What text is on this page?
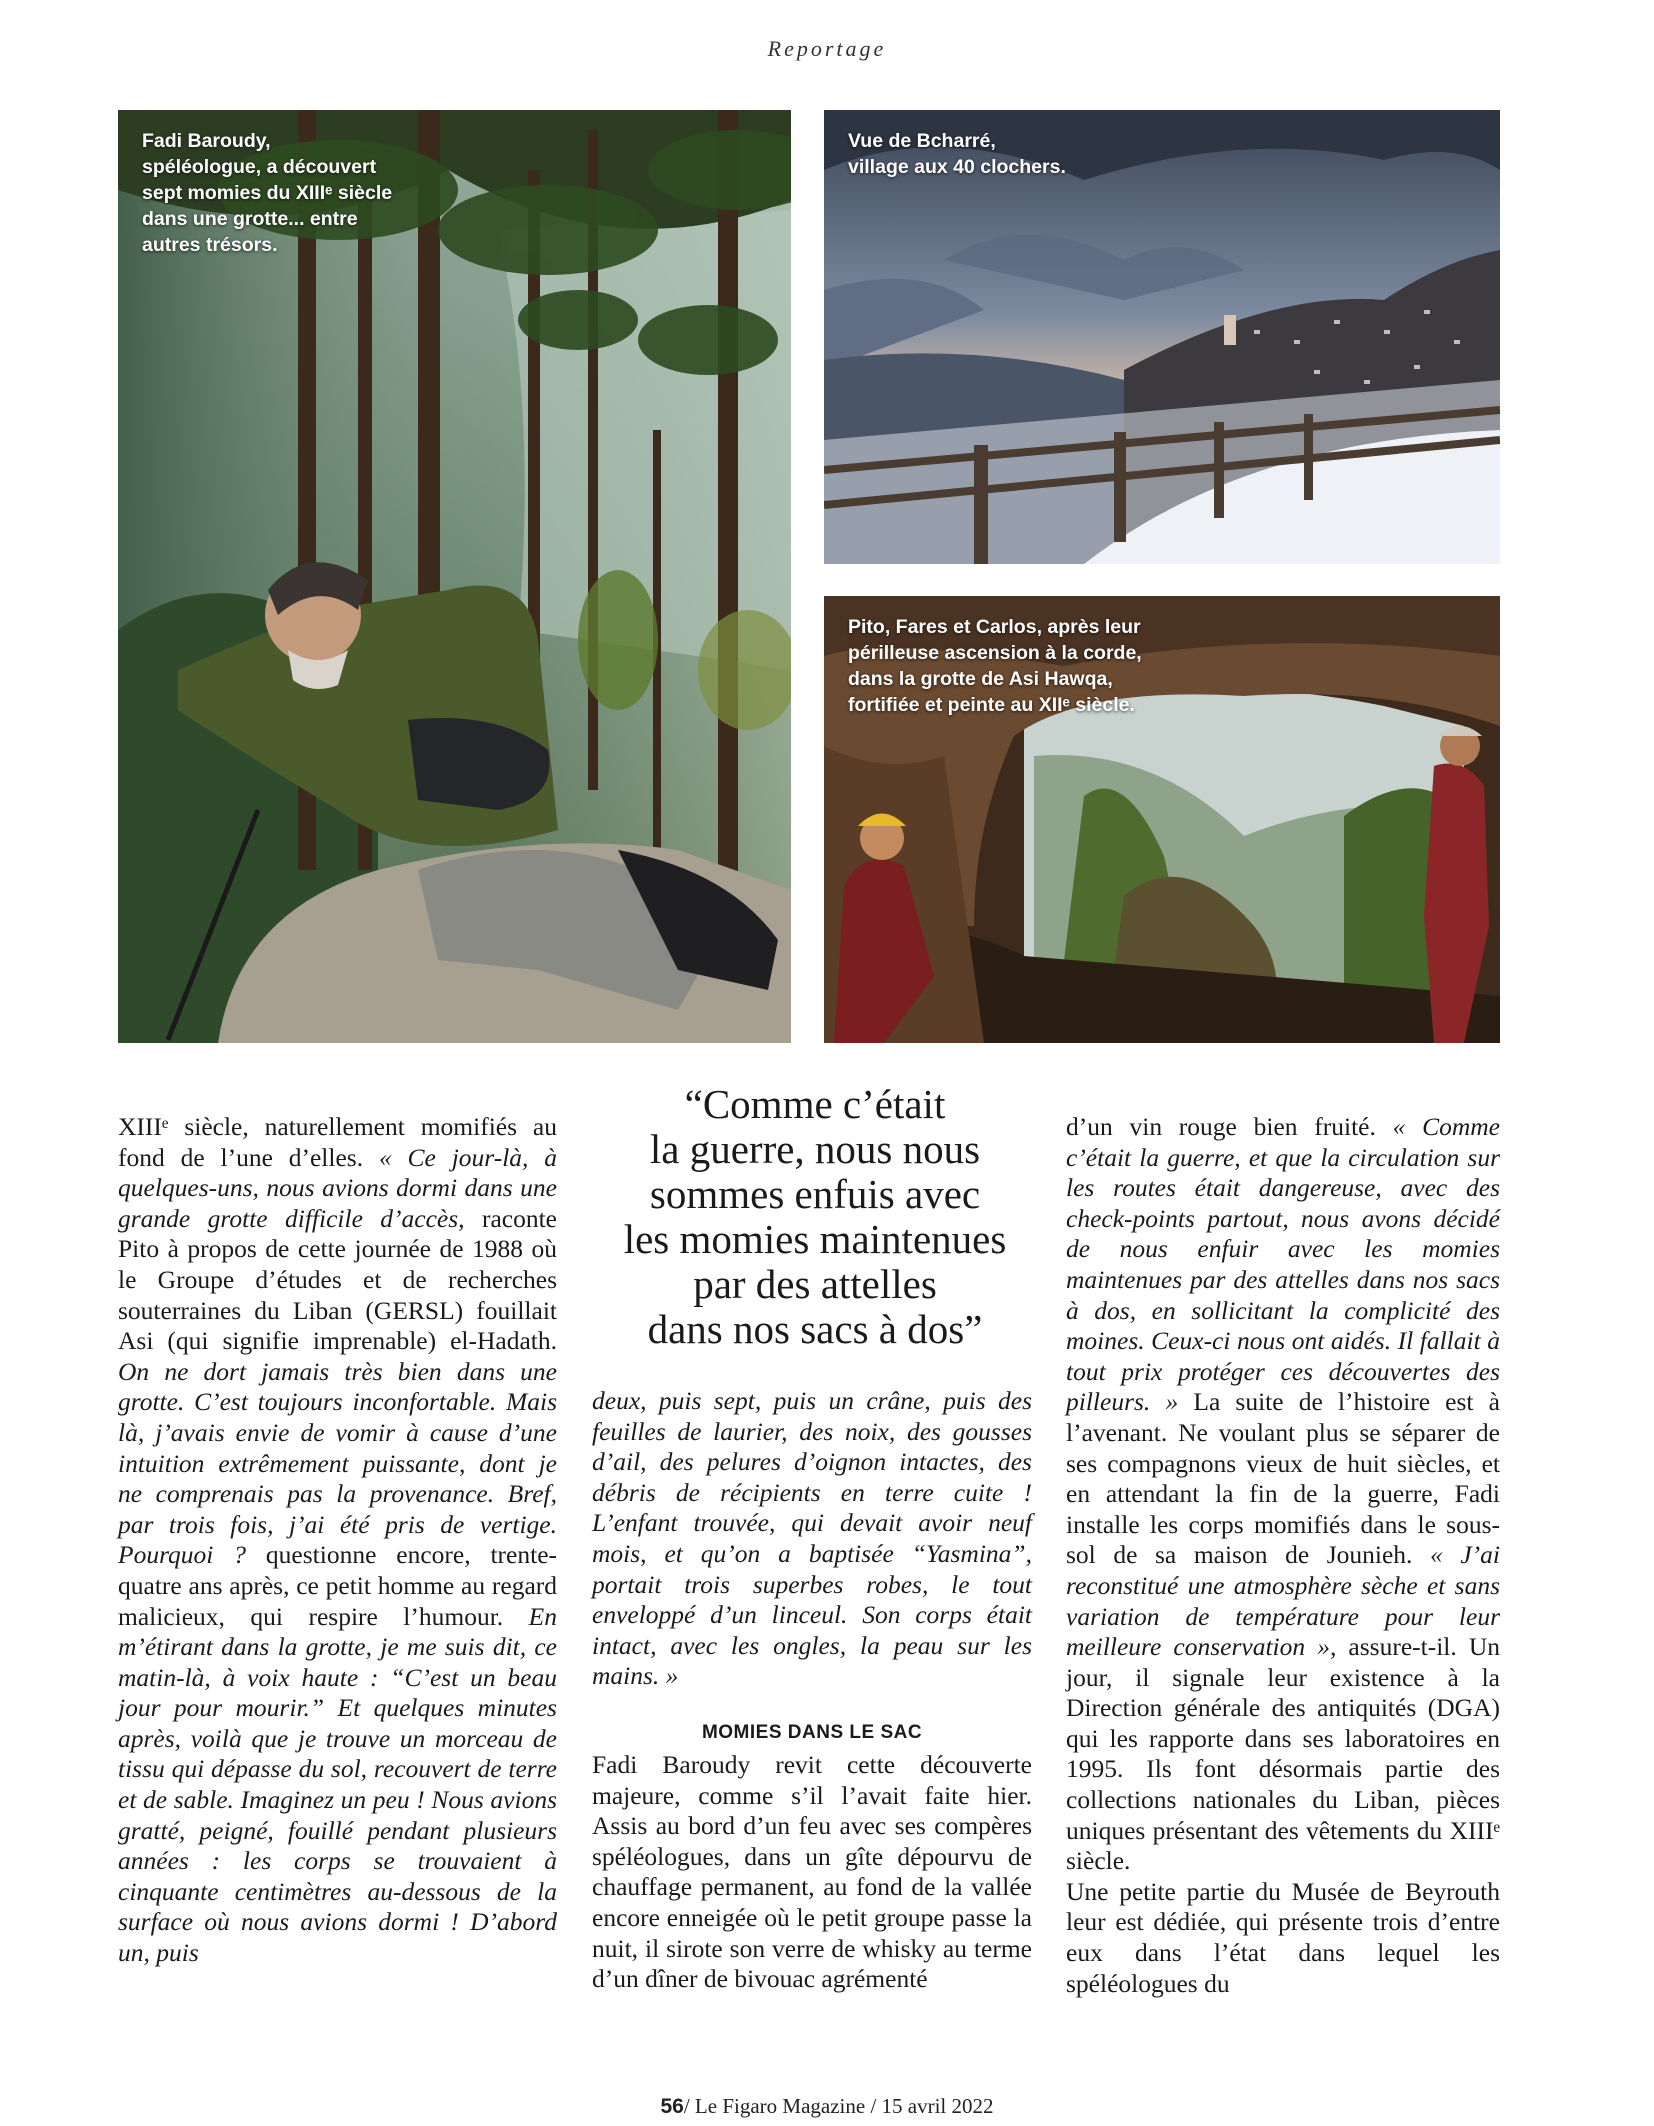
Reportage
Fadi Baroudy,
spéléologue, a découvert
sept momies du XIIIᵉ siècle
dans une grotte... entre
autres trésors.
Vue de Bcharré,
village aux 40 clochers.
Pito, Fares et Carlos, après leur
périlleuse ascension à la corde,
dans la grotte de Asi Hawqa,
fortifiée et peinte au XIIᵉ siècle.

XIIIᵉ siècle, naturellement momifiés au fond de l’une d’elles. « Ce jour-là, à quelques-uns, nous avions dormi dans une grande grotte difficile d’accès, raconte Pito à propos de cette journée de 1988 où le Groupe d’études et de recherches souterraines du Liban (GERSL) fouillait Asi (qui signifie imprenable) el-Hadath. On ne dort jamais très bien dans une grotte. C’est toujours inconfortable. Mais là, j’avais envie de vomir à cause d’une intuition extrêmement puissante, dont je ne comprenais pas la provenance. Bref, par trois fois, j’ai été pris de vertige. Pourquoi ? questionne encore, trente-quatre ans après, ce petit homme au regard malicieux, qui respire l’humour. En m’étirant dans la grotte, je me suis dit, ce matin-là, à voix haute : “C’est un beau jour pour mourir.” Et quelques minutes après, voilà que je trouve un morceau de tissu qui dépasse du sol, recouvert de terre et de sable. Imaginez un peu ! Nous avions gratté, peigné, fouillé pendant plusieurs années : les corps se trouvaient à cinquante centimètres au-dessous de la surface où nous avions dormi ! D’abord un, puis

“Comme c’était
la guerre, nous nous
sommes enfuis avec
les momies maintenues
par des attelles
dans nos sacs à dos”

deux, puis sept, puis un crâne, puis des feuilles de laurier, des noix, des gousses d’ail, des pelures d’oignon intactes, des débris de récipients en terre cuite ! L’enfant trouvée, qui devait avoir neuf mois, et qu’on a baptisée “Yasmina”, portait trois superbes robes, le tout enveloppé d’un linceul. Son corps était intact, avec les ongles, la peau sur les mains. »

MOMIES DANS LE SAC

Fadi Baroudy revit cette découverte majeure, comme s’il l’avait faite hier. Assis au bord d’un feu avec ses compères spéléologues, dans un gîte dépourvu de chauffage permanent, au fond de la vallée encore enneigée où le petit groupe passe la nuit, il sirote son verre de whisky au terme d’un dîner de bivouac agrémenté

d’un vin rouge bien fruité. « Comme c’était la guerre, et que la circulation sur les routes était dangereuse, avec des check-points partout, nous avons décidé de nous enfuir avec les momies maintenues par des attelles dans nos sacs à dos, en sollicitant la complicité des moines. Ceux-ci nous ont aidés. Il fallait à tout prix protéger ces découvertes des pilleurs. » La suite de l’histoire est à l’avenant. Ne voulant plus se séparer de ses compagnons vieux de huit siècles, et en attendant la fin de la guerre, Fadi installe les corps momifiés dans le sous-sol de sa maison de Jounieh. « J’ai reconstitué une atmosphère sèche et sans variation de température pour leur meilleure conservation », assure-t-il. Un jour, il signale leur existence à la Direction générale des antiquités (DGA) qui les rapporte dans ses laboratoires en 1995. Ils font désormais partie des collections nationales du Liban, pièces uniques présentant des vêtements du XIIIᵉ siècle.

Une petite partie du Musée de Beyrouth leur est dédiée, qui présente trois d’entre eux dans l’état dans lequel les spéléologues du

56/ Le Figaro Magazine / 15 avril 2022
